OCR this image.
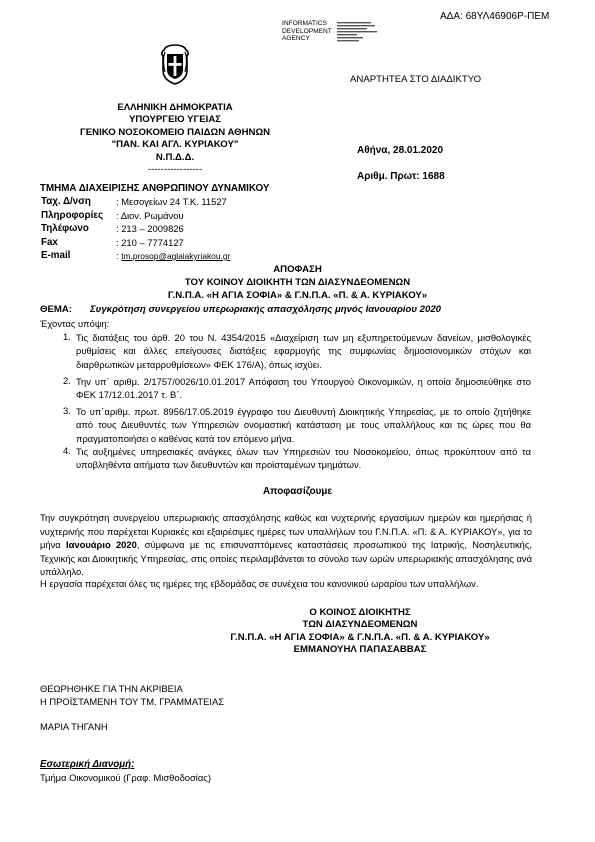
ΑΔΑ: 68ΥΛ46906Ρ-ΠΕΜ
INFORMATICS
DEVELOPMENT
AGENCY
ΑΝΑΡΤΗΤΕΑ ΣΤΟ ΔΙΑΔΙΚΤΥΟ
ΕΛΛΗΝΙΚΗ ΔΗΜΟΚΡΑΤΙΑ
ΥΠΟΥΡΓΕΙΟ ΥΓΕΙΑΣ
ΓΕΝΙΚΟ ΝΟΣΟΚΟΜΕΙΟ ΠΑΙΔΩΝ ΑΘΗΝΩΝ
"ΠΑΝ. ΚΑΙ ΑΓΛ. ΚΥΡΙΑΚΟΥ"
Ν.Π.Δ.Δ.
-----------------
Αθήνα, 28.01.2020
Αριθμ. Πρωτ: 1688
ΤΜΗΜΑ ΔΙΑΧΕΙΡΙΣΗΣ ΑΝΘΡΩΠΙΝΟΥ ΔΥΝΑΜΙΚΟΥ
Ταχ. Δ/νση
Πληροφορίες
Τηλέφωνο
Fax
E-mail
: Μεσογείων 24 Τ.Κ. 11527
: Διον. Ρωμάνου
: 213 – 2009826
: 210 – 7774127
: tm.prosop@aglaiakyriakou.gr
ΑΠΟΦΑΣΗ
ΤΟΥ ΚΟΙΝΟΥ ΔΙΟΙΚΗΤΗ ΤΩΝ ΔΙΑΣΥΝΔΕΟΜΕΝΩΝ
Γ.Ν.Π.Α. «Η ΑΓΙΑ ΣΟΦΙΑ» & Γ.Ν.Π.Α. «Π. & Α. ΚΥΡΙΑΚΟΥ»
ΘΕΜΑ: Συγκρότηση συνεργείου υπερωριακής απασχόλησης μηνός Ιανουαρίου 2020
Έχοντας υπόψη:
1. Τις διατάξεις του άρθ. 20 του Ν. 4354/2015 «Διαχείριση των μη εξυπηρετούμενων δανείων, μισθολογικές ρυθμίσεις και άλλες επείγουσες διατάξεις εφαρμογής της συμφωνίας δημοσιονομικών στόχων και διαρθρωτικών μεταρρυθμίσεων» ΦΕΚ 176/Α), όπως ισχύει.
2. Την υπ΄ αριθμ. 2/1757/0026/10.01.2017 Απόφαση του Υπουργού Οικονομικών, η οποία δημοσιεύθηκε στο ΦΕΚ 17/12.01.2017 τ. Β΄.
3. Το υπ΄αριθμ. πρωτ. 8956/17.05.2019 έγγραφο του Διευθυντή Διοικητικής Υπηρεσίας, με το οποίο ζητήθηκε από τους Διευθυντές των Υπηρεσιών ονομαστική κατάσταση με τους υπαλλήλους και τις ώρες που θα πραγματοποιήσει ο καθένας κατά τον επόμενο μήνα.
4. Τις αυξημένες υπηρεσιακές ανάγκες όλων των Υπηρεσιών του Νοσοκομείου, όπως προκύπτουν από τα υποβληθέντα αιτήματα των διευθυντών και προϊσταμένων τμημάτων.
Αποφασίζουμε
Την συγκρότηση συνεργείου υπερωριακής απασχόλησης καθώς και νυχτερινής εργασίμων ημερών και ημερήσιας ή νυχτερινής που παρέχεται Κυριακές και εξαιρέσιμες ημέρες των υπαλλήλων του Γ.Ν.Π.Α. «Π. & Α. ΚΥΡΙΑΚΟΥ», για το μήνα Ιανουάριο 2020, σύμφωνα με τις επισυναπτόμενες καταστάσεις προσωπικού της Ιατρικής, Νοσηλευτικής, Τεχνικής και Διοικητικής Υπηρεσίας, στις οποίες περιλαμβάνεται το σύνολο των ωρών υπερωριακής απασχόλησης ανά υπάλληλο.
Η εργασία παρέχεται όλες τις ημέρες της εβδομάδας σε συνέχεια του κανονικού ωραρίου των υπαλλήλων.
Ο ΚΟΙΝΟΣ ΔΙΟΙΚΗΤΗΣ
ΤΩΝ ΔΙΑΣΥΝΔΕΟΜΕΝΩΝ
Γ.Ν.Π.Α. «Η ΑΓΙΑ ΣΟΦΙΑ» & Γ.Ν.Π.Α. «Π. & Α. ΚΥΡΙΑΚΟΥ»
ΕΜΜΑΝΟΥΗΛ ΠΑΠΑΣΑΒΒΑΣ
ΘΕΩΡΗΘΗΚΕ ΓΙΑ ΤΗΝ ΑΚΡΙΒΕΙΑ
Η ΠΡΟΪΣΤΑΜΕΝΗ ΤΟΥ ΤΜ. ΓΡΑΜΜΑΤΕΙΑΣ
ΜΑΡΙΑ ΤΗΓΑΝΗ
Εσωτερική Διανομή:
Τμήμα Οικονομικού (Γραφ. Μισθοδοσίας)
